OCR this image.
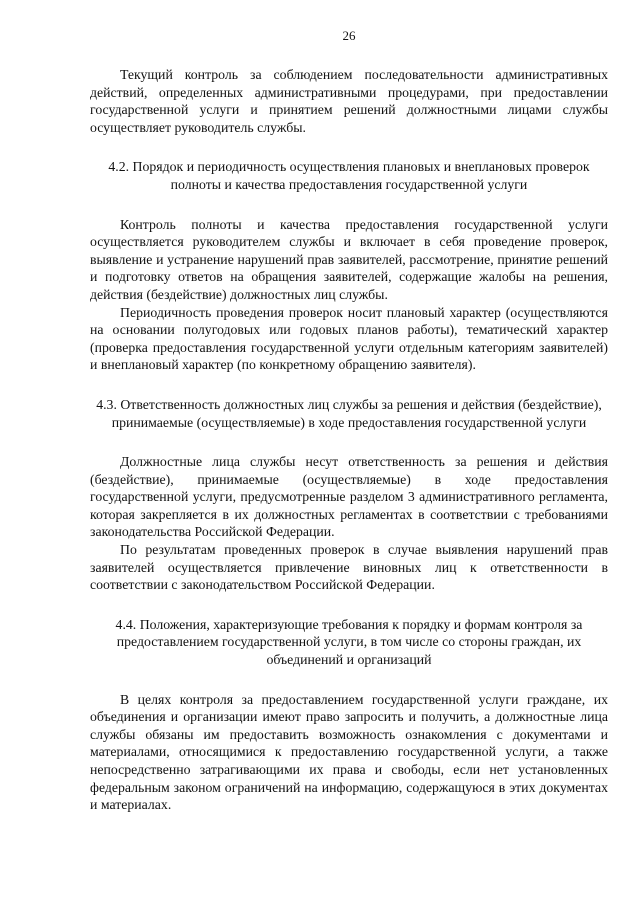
26

Текущий контроль за соблюдением последовательности административных действий, определенных административными процедурами, при предоставлении государственной услуги и принятием решений должностными лицами службы осуществляет руководитель службы.

4.2. Порядок и периодичность осуществления плановых и внеплановых проверок полноты и качества предоставления государственной услуги

Контроль полноты и качества предоставления государственной услуги осуществляется руководителем службы и включает в себя проведение проверок, выявление и устранение нарушений прав заявителей, рассмотрение, принятие решений и подготовку ответов на обращения заявителей, содержащие жалобы на решения, действия (бездействие) должностных лиц службы.

Периодичность проведения проверок носит плановый характер (осуществляются на основании полугодовых или годовых планов работы), тематический характер (проверка предоставления государственной услуги отдельным категориям заявителей) и внеплановый характер (по конкретному обращению заявителя).

4.3. Ответственность должностных лиц службы за решения и действия (бездействие), принимаемые (осуществляемые) в ходе предоставления государственной услуги

Должностные лица службы несут ответственность за решения и действия (бездействие), принимаемые (осуществляемые) в ходе предоставления государственной услуги, предусмотренные разделом 3 административного регламента, которая закрепляется в их должностных регламентах в соответствии с требованиями законодательства Российской Федерации.

По результатам проведенных проверок в случае выявления нарушений прав заявителей осуществляется привлечение виновных лиц к ответственности в соответствии с законодательством Российской Федерации.

4.4. Положения, характеризующие требования к порядку и формам контроля за предоставлением государственной услуги, в том числе со стороны граждан, их объединений и организаций

В целях контроля за предоставлением государственной услуги граждане, их объединения и организации имеют право запросить и получить, а должностные лица службы обязаны им предоставить возможность ознакомления с документами и материалами, относящимися к предоставлению государственной услуги, а также непосредственно затрагивающими их права и свободы, если нет установленных федеральным законом ограничений на информацию, содержащуюся в этих документах и материалах.
